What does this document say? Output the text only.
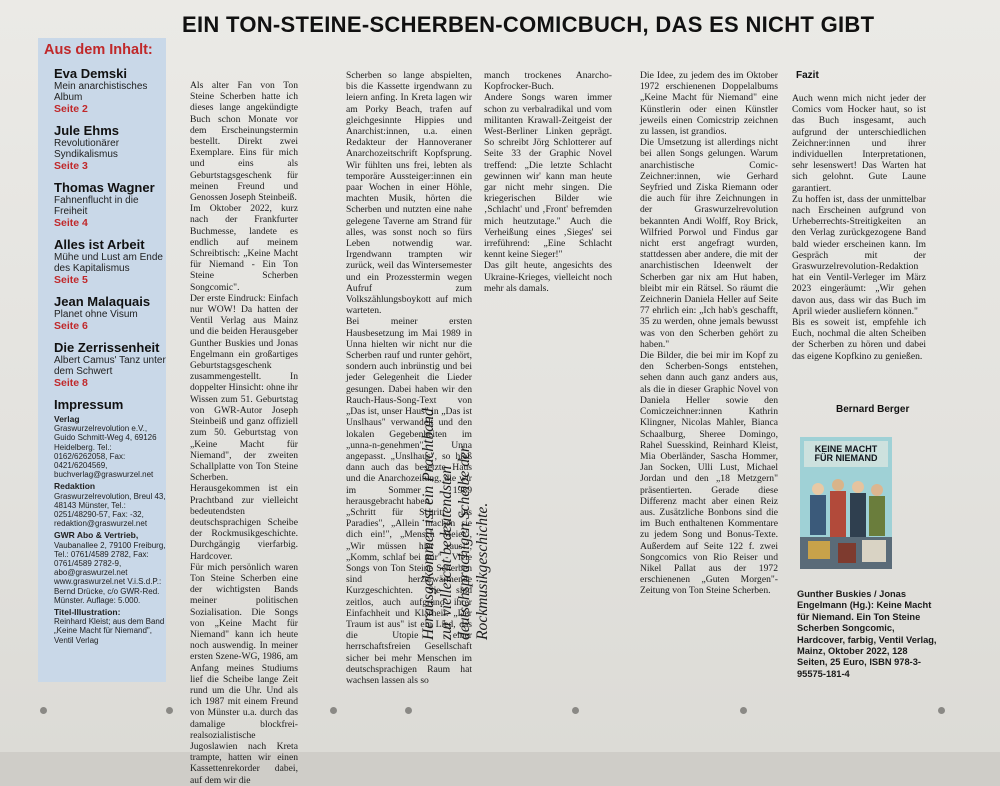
EIN TON-STEINE-SCHERBEN-COMICBUCH, DAS ES NICHT GIBT
Aus dem Inhalt:
Eva Demski
Mein anarchistisches Album
Seite 2
Jule Ehms
Revolutionärer Syndikalismus
Seite 3
Thomas Wagner
Fahnenflucht in die Freiheit
Seite 4
Alles ist Arbeit
Mühe und Lust am Ende des Kapitalismus
Seite 5
Jean Malaquais
Planet ohne Visum
Seite 6
Die Zerrissenheit
Albert Camus' Tanz unter dem Schwert
Seite 8
Impressum
Verlag
Graswurzelrevolution e.V., Guido Schmitt-Weg 4, 69126 Heidelberg. Tel.: 0162/6262058, Fax: 0421/6204569, buchverlag@graswurzel.net
Redaktion
Graswurzelrevolution, Breul 43, 48143 Münster, Tel.: 0251/48290-57, Fax: -32, redaktion@graswurzel.net
GWR Abo & Vertrieb,
Vaubanallee 2, 79100 Freiburg, Tel.: 0761/4589 2782, Fax: 0761/4589 2782-9, abo@graswurzel.net www.graswurzel.net V.i.S.d.P.: Bernd Drücke, c/o GWR-Red. Münster. Auflage: 5.000.
Titel-Illustration:
Reinhard Kleist; aus dem Band „Keine Macht für Niemand", Ventil Verlag

Als alter Fan von Ton Steine Scherben hatte ich dieses lange angekündigte Buch schon Monate vor dem Erscheinungstermin bestellt. Direkt zwei Exemplare. Eins für mich und eins als Geburtstagsgeschenk für meinen Freund und Genossen Joseph Steinbeiß.

Im Oktober 2022, kurz nach der Frankfurter Buchmesse, landete es endlich auf meinem Schreibtisch: „Keine Macht für Niemand - Ein Ton Steine Scherben Songcomic".

Der erste Eindruck: Einfach nur WOW! Da hatten der Ventil Verlag aus Mainz und die beiden Herausgeber Gunther Buskies und Jonas Engelmann ein großartiges Geburtstagsgeschenk zusammengestellt. In doppelter Hinsicht: ohne ihr Wissen zum 51. Geburtstag von GWR-Autor Joseph Steinbeiß und ganz offiziell zum 50. Geburtstag von „Keine Macht für Niemand", der zweiten Schallplatte von Ton Steine Scherben.

Herausgekommen ist ein Prachtband zur vielleicht bedeutendsten deutschsprachigen Scheibe der Rockmusikgeschichte. Durchgängig vierfarbig. Hardcover.

Für mich persönlich waren Ton Steine Scherben eine der wichtigsten Bands meiner politischen Sozialisation. Die Songs von „Keine Macht für Niemand" kann ich heute noch auswendig. In meiner ersten Szene-WG, 1986, am Anfang meines Studiums lief die Scheibe lange Zeit rund um die Uhr. Und als ich 1987 mit einem Freund von Münster u.a. durch das damalige blockfrei-realsozialistische Jugoslawien nach Kreta trampte, hatten wir einen Kassettenrekorder dabei, auf dem wir die

Scherben so lange abspielten, bis die Kassette irgendwann zu leiern anfing. In Kreta lagen wir am Porky Beach, trafen auf gleichgesinnte Hippies und Anarchist:innen, u.a. einen Redakteur der Hannoveraner Anarchozeitschrift Kopfsprung. Wir fühlten uns frei, lebten als temporäre Aussteiger:innen ein paar Wochen in einer Höhle, machten Musik, hörten die Scherben und nutzten eine nahe gelegene Taverne am Strand für alles, was sonst noch so fürs Leben notwendig war. Irgendwann trampten wir zurück, weil das Wintersemester und ein Prozesstermin wegen Aufruf zum Volkszählungsboykott auf mich warteten.

Bei meiner ersten Hausbesetzung im Mai 1989 in Unna hielten wir nicht nur die Scherben rauf und runter gehört, sondern auch inbrünstig und bei jeder Gelegenheit die Lieder gesungen. Dabei haben wir den Rauch-Haus-Song-Text von „Das ist, unser Haus" in „Das ist Unslhaus" verwandelt und den lokalen Gegebenheiten im „unna-n-genehmen" Unna angepasst. „Unslhaus", so hieß dann auch das besetzte Haus und die Anarchozeitung, die wir im Sommer 1989 herausgebracht haben.

„Schritt für Schritt ins Paradies", „Allein machen sie dich ein!", „Mensch Meier", „Wir müssen hier raus!", „Komm, schlaf bei mir" - Viele Songs von Ton Steine Scherben sind herzerwärmende Kurzgeschichten. Sie sind zeitlos, auch aufgrund ihrer Einfachheit und Klarheit. „Der Traum ist aus" ist ein Lied, das die Utopie einer herrschaftsfreien Gesellschaft sicher bei mehr Menschen im deutschsprachigen Raum hat wachsen lassen als so

manch trockenes Anarcho-Kopfrocker-Buch.

Andere Songs waren immer schon zu verbalradikal und vom militanten Krawall-Zeitgeist der West-Berliner Linken geprägt. So schreibt Jörg Schlotterer auf Seite 33 der Graphic Novel treffend: „Die letzte Schlacht gewinnen wir' kann man heute gar nicht mehr singen. Die kriegerischen Bilder wie ‚Schlacht' und ‚Front' befremden mich heutzutage." Auch die Verheißung eines ‚Sieges' sei irreführend: „Eine Schlacht kennt keine Sieger!"

Das gilt heute, angesichts des Ukraine-Krieges, vielleicht noch mehr als damals.

Herausgekommen ist ein Prachtband zur vielleicht bedeutendsten deutschsprachigen Scheibe der Rockmusikgeschichte.

Die Idee, zu jedem des im Oktober 1972 erschienenen Doppelalbums „Keine Macht für Niemand" eine Künstlerin oder einen Künstler jeweils einen Comicstrip zeichnen zu lassen, ist grandios.

Die Umsetzung ist allerdings nicht bei allen Songs gelungen. Warum anarchistische Comic-Zeichner:innen, wie Gerhard Seyfried und Ziska Riemann oder die auch für ihre Zeichnungen in der Graswurzelrevolution bekannten Andi Wolff, Roy Brick, Wilfried Porwol und Findus gar nicht erst angefragt wurden, stattdessen aber andere, die mit der anarchistischen Ideenwelt der Scherben gar nix am Hut haben, bleibt mir ein Rätsel. So räumt die Zeichnerin Daniela Heller auf Seite 77 ehrlich ein: „Ich hab's geschafft, 35 zu werden, ohne jemals bewusst was von den Scherben gehört zu haben."

Die Bilder, die bei mir im Kopf zu den Scherben-Songs entstehen, sehen dann auch ganz anders aus, als die in dieser Graphic Novel von Daniela Heller sowie den Comiczeichner:innen Kathrin Klingner, Nicolas Mahler, Bianca Schaalburg, Sheree Domingo, Rahel Suesskind, Reinhard Kleist, Mia Oberländer, Sascha Hommer, Jan Socken, Ulli Lust, Michael Jordan und den „18 Metzgern" präsentierten. Gerade diese Differenz macht aber einen Reiz aus. Zusätzliche Bonbons sind die im Buch enthaltenen Kommentare zu jedem Song und Bonus-Texte. Außerdem auf Seite 122 f. zwei Songcomics von Rio Reiser und Nikel Pallat aus der 1972 erschienenen „Guten Morgen"-Zeitung von Ton Steine Scherben.

Fazit

Auch wenn mich nicht jeder der Comics vom Hocker haut, so ist das Buch insgesamt, auch aufgrund der unterschiedlichen Zeichner:innen und ihrer individuellen Interpretationen, sehr lesenswert! Das Warten hat sich gelohnt. Gute Laune garantiert.

Zu hoffen ist, dass der unmittelbar nach Erscheinen aufgrund von Urheberrechts-Streitigkeiten an den Verlag zurückgezogene Band bald wieder erscheinen kann. Im Gespräch mit der Graswurzelrevolution-Redaktion hat ein Ventil-Verleger im März 2023 eingeräumt: „Wir gehen davon aus, dass wir das Buch im April wieder ausliefern können."

Bis es soweit ist, empfehle ich Euch, nochmal die alten Scheiben der Scherben zu hören und dabei das eigene Kopfkino zu genießen.

Bernard Berger
KEINE MACHT FÜR NIEMAND
Gunther Buskies / Jonas Engelmann (Hg.): Keine Macht für Niemand. Ein Ton Steine Scherben Songcomic, Hardcover, farbig, Ventil Verlag, Mainz, Oktober 2022, 128 Seiten, 25 Euro, ISBN 978-3-95575-181-4
